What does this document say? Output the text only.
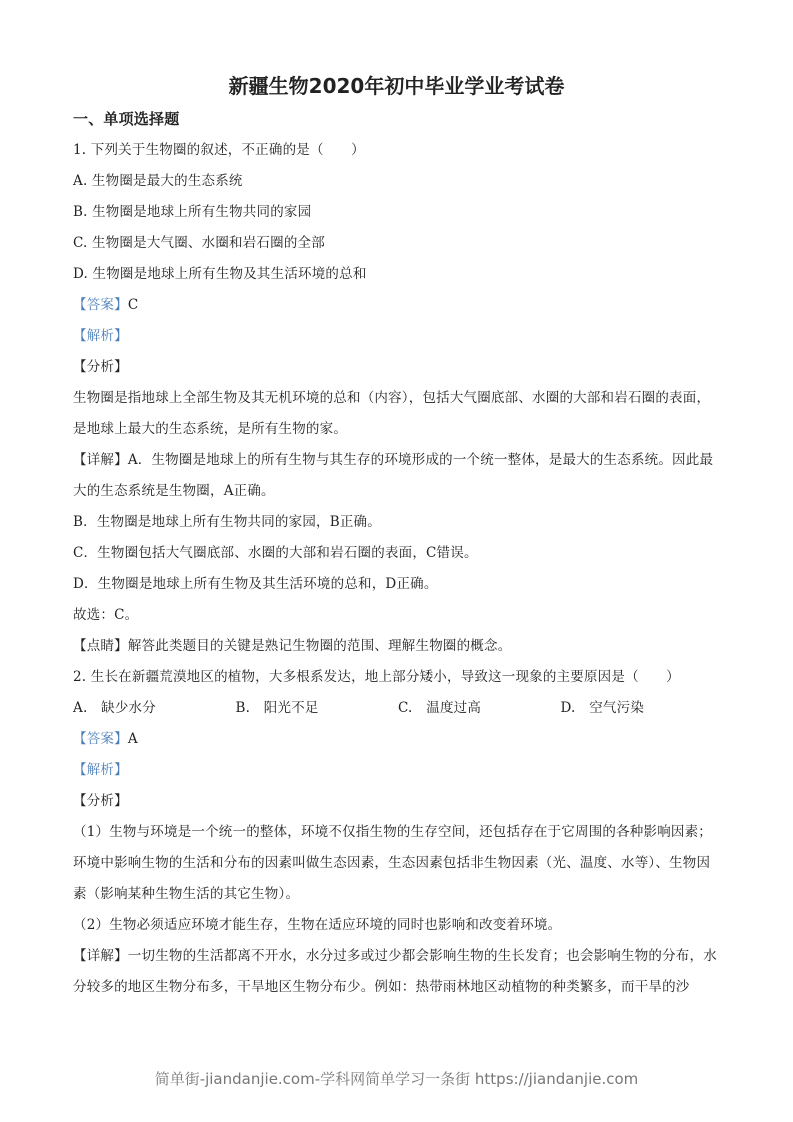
新疆生物2020年初中毕业学业考试卷
一、单项选择题
1. 下列关于生物圈的叙述，不正确的是（　　）
A. 生物圈是最大的生态系统
B. 生物圈是地球上所有生物共同的家园
C. 生物圈是大气圈、水圈和岩石圈的全部
D. 生物圈是地球上所有生物及其生活环境的总和
【答案】C
【解析】
【分析】
生物圈是指地球上全部生物及其无机环境的总和（内容），包括大气圈底部、水圈的大部和岩石圈的表面，是地球上最大的生态系统，是所有生物的家。
【详解】A．生物圈是地球上的所有生物与其生存的环境形成的一个统一整体，是最大的生态系统。因此最大的生态系统是生物圈，A正确。
B．生物圈是地球上所有生物共同的家园，B正确。
C．生物圈包括大气圈底部、水圈的大部和岩石圈的表面，C错误。
D．生物圈是地球上所有生物及其生活环境的总和，D正确。
故选：C。
【点睛】解答此类题目的关键是熟记生物圈的范围、理解生物圈的概念。
2. 生长在新疆荒漠地区的植物，大多根系发达，地上部分矮小，导致这一现象的主要原因是（　　）
A.　缺少水分	B.　阳光不足	C.　温度过高	D.　空气污染
【答案】A
【解析】
【分析】
（1）生物与环境是一个统一的整体，环境不仅指生物的生存空间，还包括存在于它周围的各种影响因素；环境中影响生物的生活和分布的因素叫做生态因素，生态因素包括非生物因素（光、温度、水等）、生物因素（影响某种生物生活的其它生物）。
（2）生物必须适应环境才能生存，生物在适应环境的同时也影响和改变着环境。
【详解】一切生物的生活都离不开水，水分过多或过少都会影响生物的生长发育；也会影响生物的分布，水分较多的地区生物分布多，干旱地区生物分布少。例如：热带雨林地区动植物的种类繁多，而干旱的沙
简单街-jiandanjie.com-学科网简单学习一条街 https://jiandanjie.com
